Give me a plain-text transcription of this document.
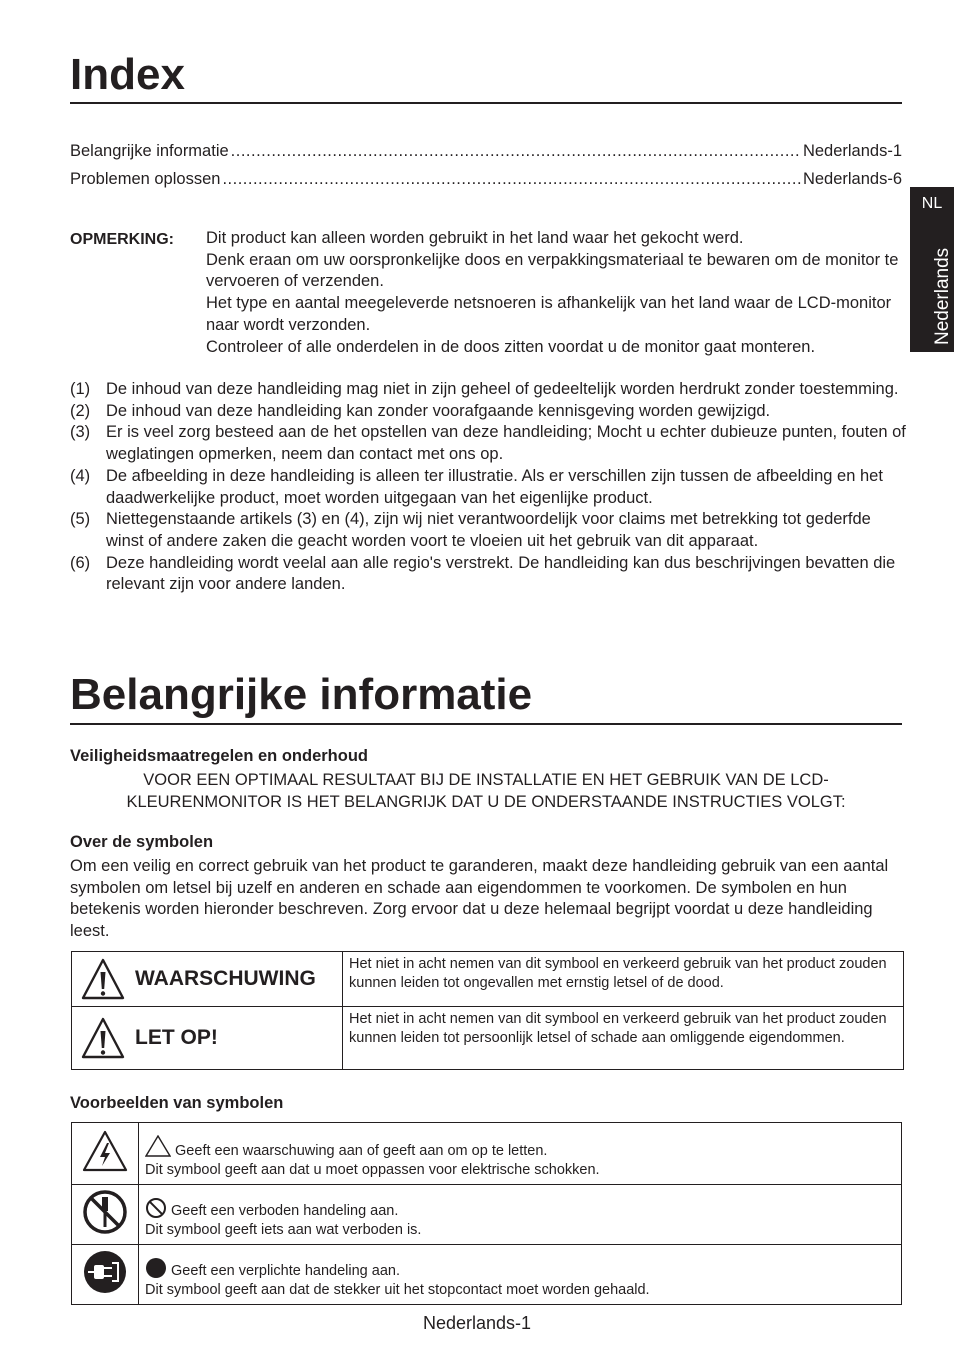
Index
Belangrijke informatie .....	Nederlands-1
Problemen oplossen .....	Nederlands-6
NL
Nederlands
OPMERKING: Dit product kan alleen worden gebruikt in het land waar het gekocht werd.
Denk eraan om uw oorspronkelijke doos en verpakkingsmateriaal te bewaren om de monitor te vervoeren of verzenden.
Het type en aantal meegeleverde netsnoeren is afhankelijk van het land waar de LCD-monitor naar wordt verzonden.
Controleer of alle onderdelen in de doos zitten voordat u de monitor gaat monteren.
(1) De inhoud van deze handleiding mag niet in zijn geheel of gedeeltelijk worden herdrukt zonder toestemming.
(2) De inhoud van deze handleiding kan zonder voorafgaande kennisgeving worden gewijzigd.
(3) Er is veel zorg besteed aan de het opstellen van deze handleiding; Mocht u echter dubieuze punten, fouten of weglatingen opmerken, neem dan contact met ons op.
(4) De afbeelding in deze handleiding is alleen ter illustratie. Als er verschillen zijn tussen de afbeelding en het daadwerkelijke product, moet worden uitgegaan van het eigenlijke product.
(5) Niettegenstaande artikels (3) en (4), zijn wij niet verantwoordelijk voor claims met betrekking tot gederfde winst of andere zaken die geacht worden voort te vloeien uit het gebruik van dit apparaat.
(6) Deze handleiding wordt veelal aan alle regio's verstrekt. De handleiding kan dus beschrijvingen bevatten die relevant zijn voor andere landen.
Belangrijke informatie
Veiligheidsmaatregelen en onderhoud
VOOR EEN OPTIMAAL RESULTAAT BIJ DE INSTALLATIE EN HET GEBRUIK VAN DE LCD-
KLEURENMONITOR IS HET BELANGRIJK DAT U DE ONDERSTAANDE INSTRUCTIES VOLGT:
Over de symbolen
Om een veilig en correct gebruik van het product te garanderen, maakt deze handleiding gebruik van een aantal symbolen om letsel bij uzelf en anderen en schade aan eigendommen te voorkomen. De symbolen en hun betekenis worden hieronder beschreven. Zorg ervoor dat u deze helemaal begrijpt voordat u deze handleiding leest.
WAARSCHUWING	Het niet in acht nemen van dit symbool en verkeerd gebruik van het product zouden kunnen leiden tot ongevallen met ernstig letsel of de dood.

LET OP!	Het niet in acht nemen van dit symbool en verkeerd gebruik van het product zouden kunnen leiden tot persoonlijk letsel of schade aan omliggende eigendommen.
Voorbeelden van symbolen

Geeft een waarschuwing aan of geeft aan om op te letten.
Dit symbool geeft aan dat u moet oppassen voor elektrische schokken.

Geeft een verboden handeling aan.
Dit symbool geeft iets aan wat verboden is.

Geeft een verplichte handeling aan.
Dit symbool geeft aan dat de stekker uit het stopcontact moet worden gehaald.
Nederlands-1
